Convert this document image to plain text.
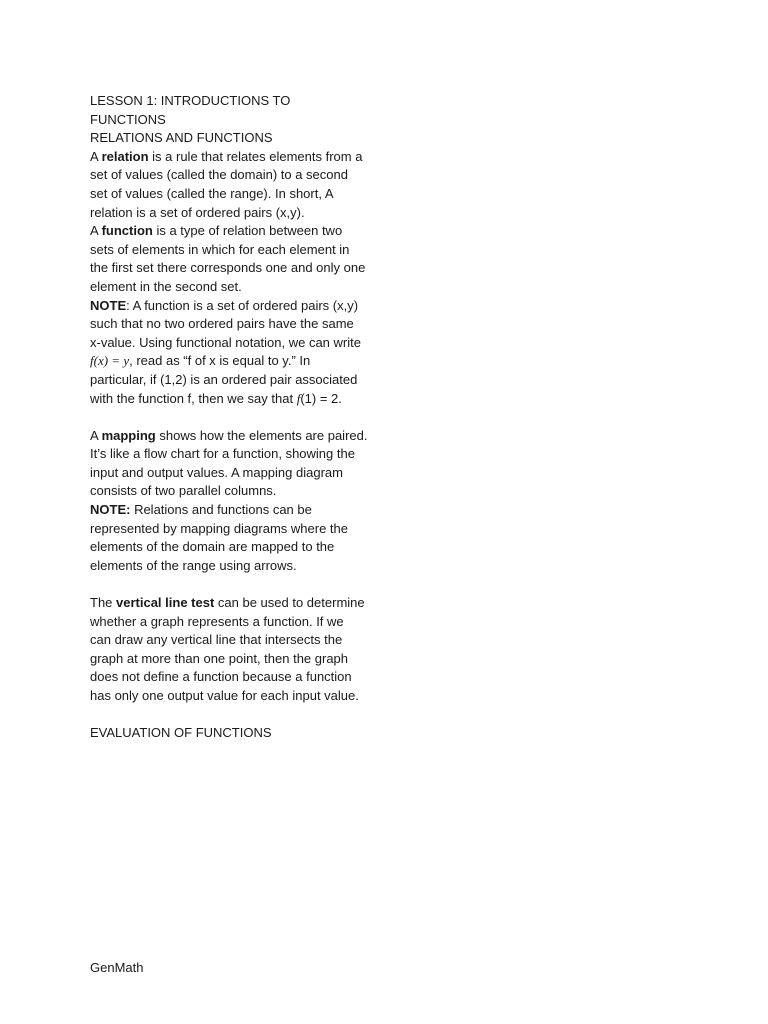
LESSON 1: INTRODUCTIONS TO FUNCTIONS

RELATIONS AND FUNCTIONS

A relation is a rule that relates elements from a set of values (called the domain) to a second set of values (called the range). In short, A relation is a set of ordered pairs (x,y).

A function is a type of relation between two sets of elements in which for each element in the first set there corresponds one and only one element in the second set.

NOTE: A function is a set of ordered pairs (x,y) such that no two ordered pairs have the same x-value. Using functional notation, we can write f(x) = y, read as “f of x is equal to y.” In particular, if (1,2) is an ordered pair associated with the function f, then we say that f(1) = 2.

A mapping shows how the elements are paired. It’s like a flow chart for a function, showing the input and output values. A mapping diagram consists of two parallel columns.

NOTE: Relations and functions can be represented by mapping diagrams where the elements of the domain are mapped to the elements of the range using arrows.

The vertical line test can be used to determine whether a graph represents a function. If we can draw any vertical line that intersects the graph at more than one point, then the graph does not define a function because a function has only one output value for each input value.

EVALUATION OF FUNCTIONS

GenMath
